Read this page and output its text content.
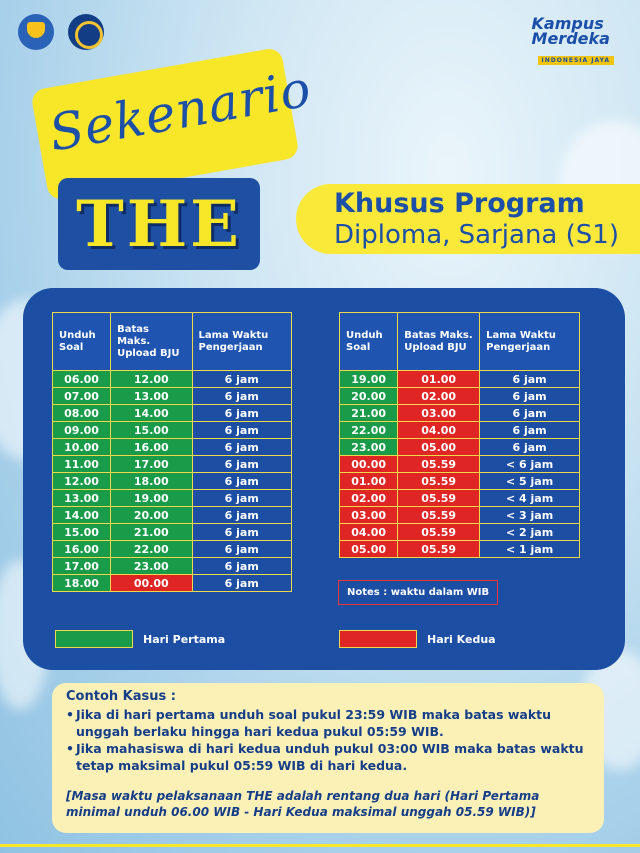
Kampus
Merdeka
INDONESIA JAYA
Sekenario
THE	Khusus Program
Diploma, Sarjana (S1)
Unduh Soal	Batas Maks. Upload BJU	Lama Waktu Pengerjaan
06.00	12.00	6 jam
07.00	13.00	6 jam
08.00	14.00	6 jam
09.00	15.00	6 jam
10.00	16.00	6 jam
11.00	17.00	6 jam
12.00	18.00	6 jam
13.00	19.00	6 jam
14.00	20.00	6 jam
15.00	21.00	6 jam
16.00	22.00	6 jam
17.00	23.00	6 jam
18.00	00.00	6 jam
Unduh Soal	Batas Maks. Upload BJU	Lama Waktu Pengerjaan
19.00	01.00	6 jam
20.00	02.00	6 jam
21.00	03.00	6 jam
22.00	04.00	6 jam
23.00	05.00	6 jam
00.00	05.59	< 6 jam
01.00	05.59	< 5 jam
02.00	05.59	< 4 jam
03.00	05.59	< 3 jam
04.00	05.59	< 2 jam
05.00	05.59	< 1 jam
Notes : waktu dalam WIB
Hari Pertama	Hari Kedua
Contoh Kasus :
• Jika di hari pertama unduh soal pukul 23:59 WIB maka batas waktu unggah berlaku hingga hari kedua pukul 05:59 WIB.
• Jika mahasiswa di hari kedua unduh pukul 03:00 WIB maka batas waktu tetap maksimal pukul 05:59 WIB di hari kedua.
[Masa waktu pelaksanaan THE adalah rentang dua hari (Hari Pertama minimal unduh 06.00 WIB - Hari Kedua maksimal unggah 05.59 WIB)]
